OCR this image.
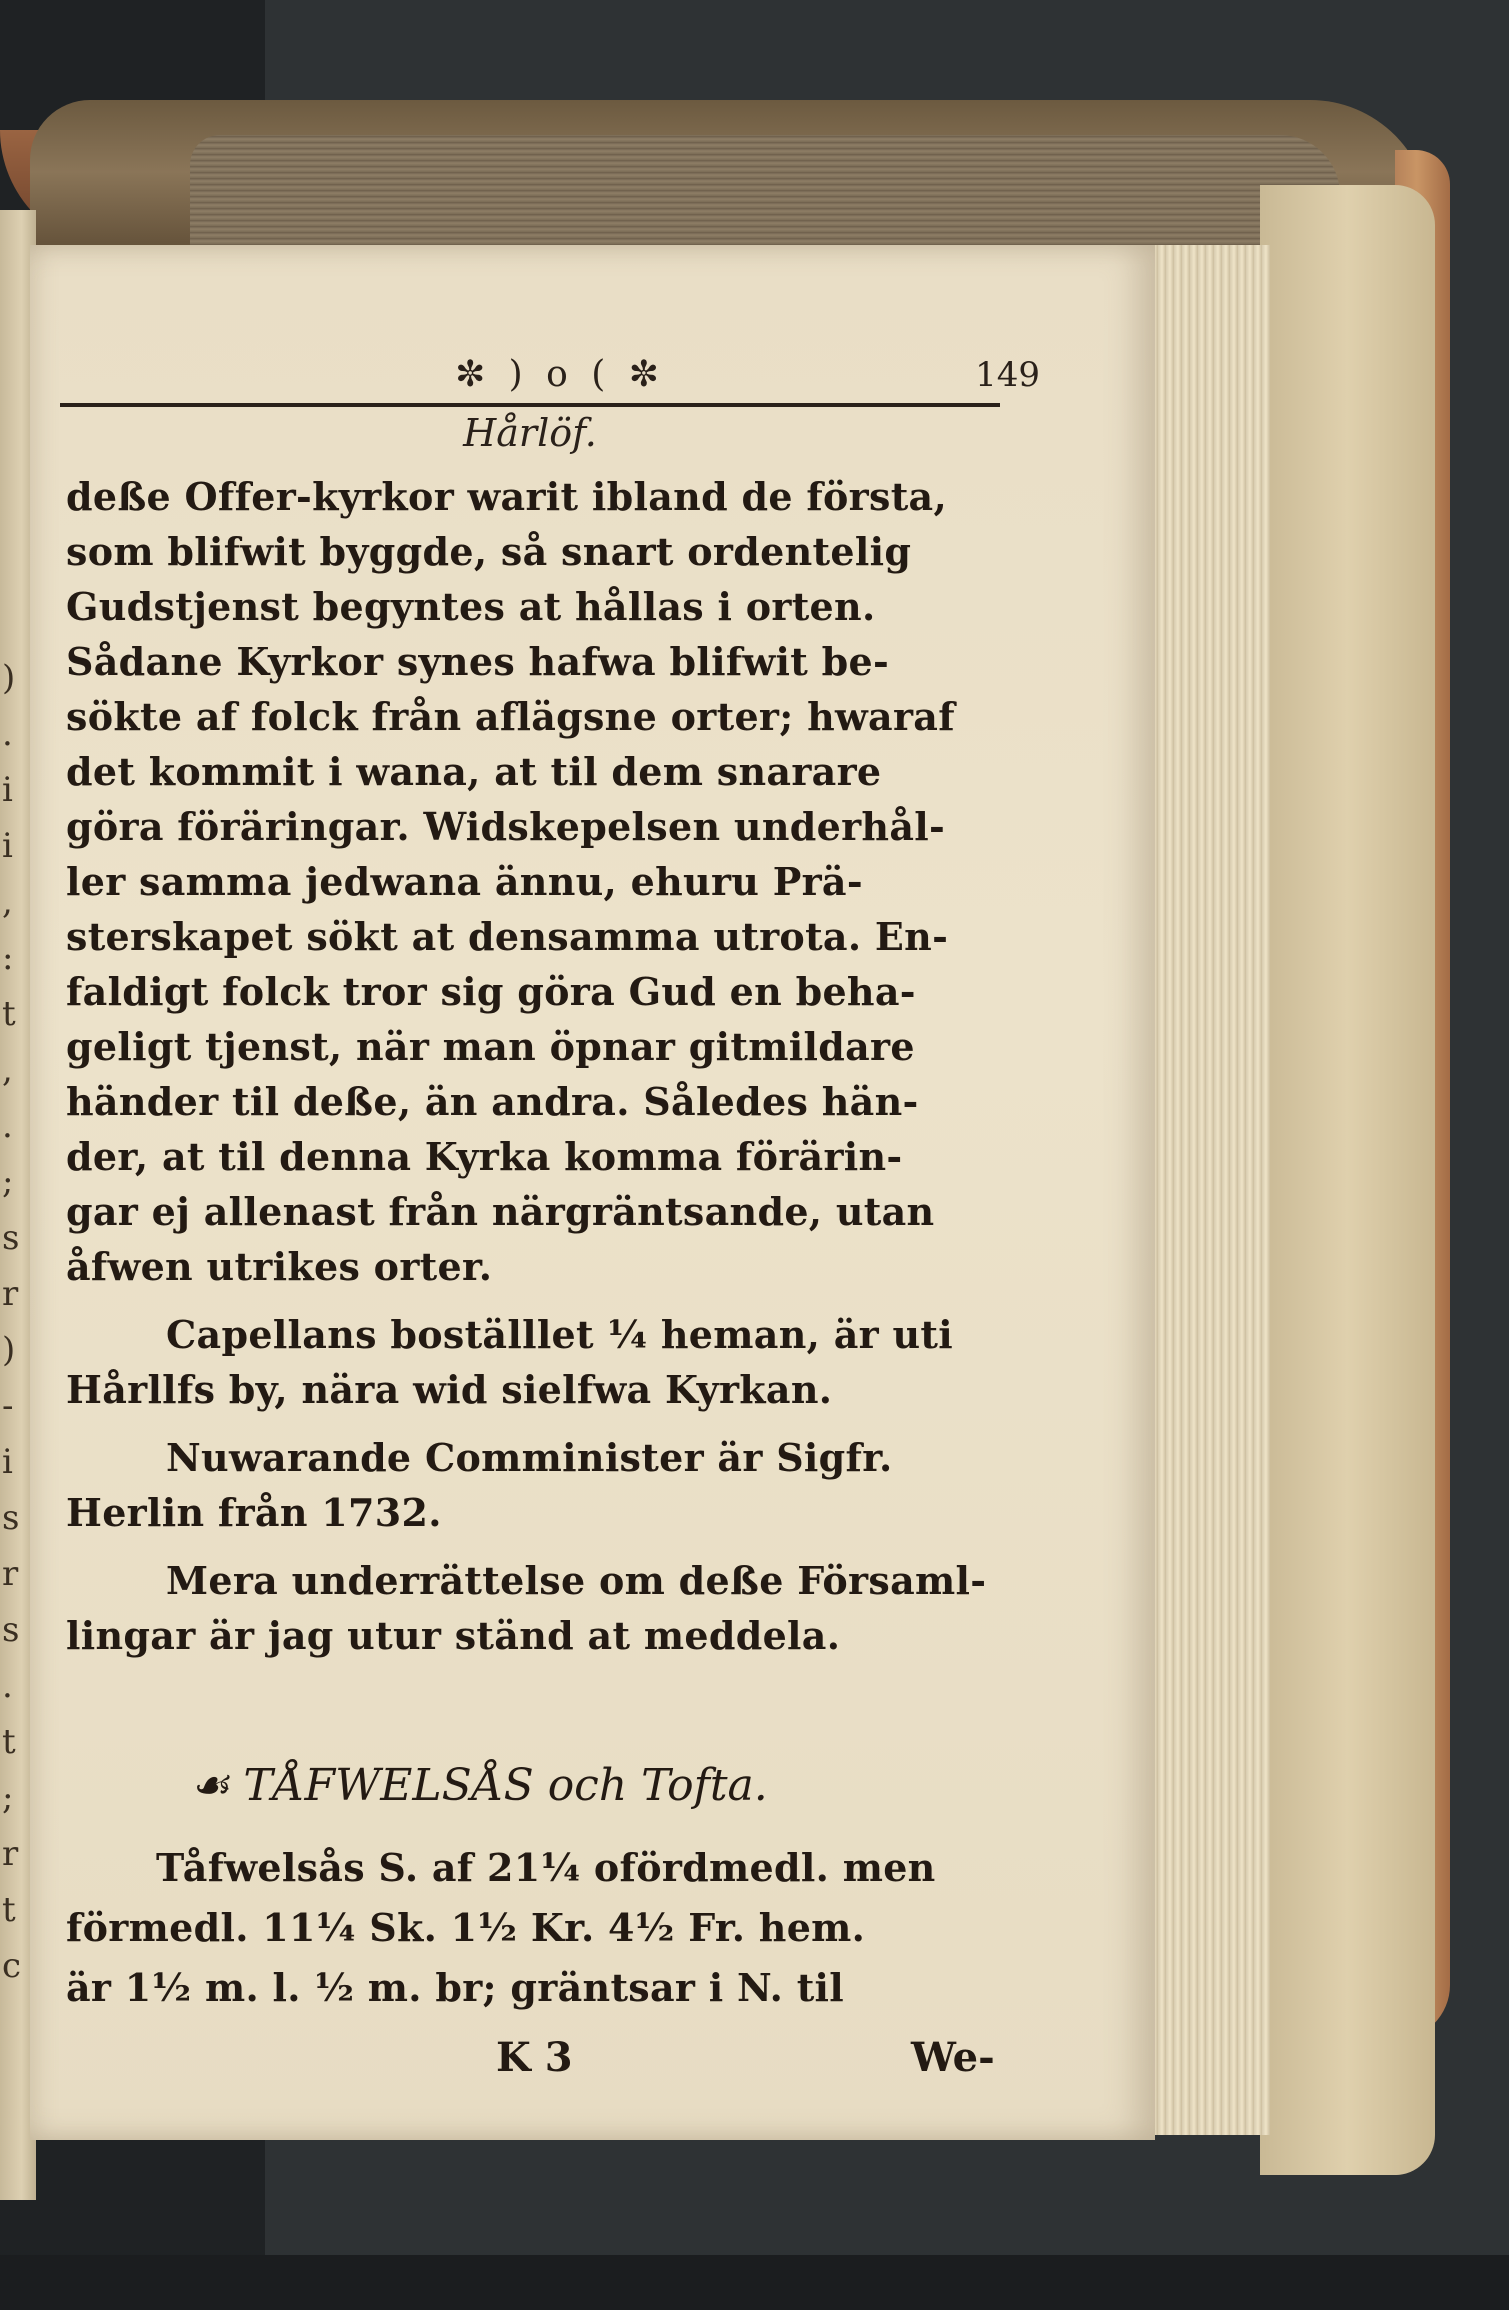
)
.
i
i
,
:
t
,
.
;
s
r
)
-
i
s
r
s
.
t
;
r
t
c
✼ ) o ( ✼	149
Hårlöf.
deße Offer-kyrkor warit ibland de första,
som blifwit byggde, så snart ordentelig
Gudstjenst begyntes at hållas i orten.
Sådane Kyrkor synes hafwa blifwit be-
sökte af folck från aflägsne orter; hwaraf
det kommit i wana, at til dem snarare
göra föräringar. Widskepelsen underhål-
ler samma jedwana ännu, ehuru Prä-
sterskapet sökt at densamma utrota. En-
faldigt folck tror sig göra Gud en beha-
geligt tjenst, när man öpnar gitmildare
händer til deße, än andra. Således hän-
der, at til denna Kyrka komma förärin-
gar ej allenast från närgräntsande, utan
åfwen utrikes orter.
Capellans boställlet ¼ heman, är uti
Hårllfs by, nära wid sielfwa Kyrkan.
Nuwarande Comminister är Sigfr.
Herlin från 1732.
Mera underrättelse om deße Församl-
lingar är jag utur ständ at meddela.
☙ TÅFWELSÅS och Tofta.
Tåfwelsås S. af 21¼ ofördmedl. men
förmedl. 11¼ Sk. 1½ Kr. 4½ Fr. hem.
är 1½ m. l. ½ m. br; gräntsar i N. til
K 3	We-
